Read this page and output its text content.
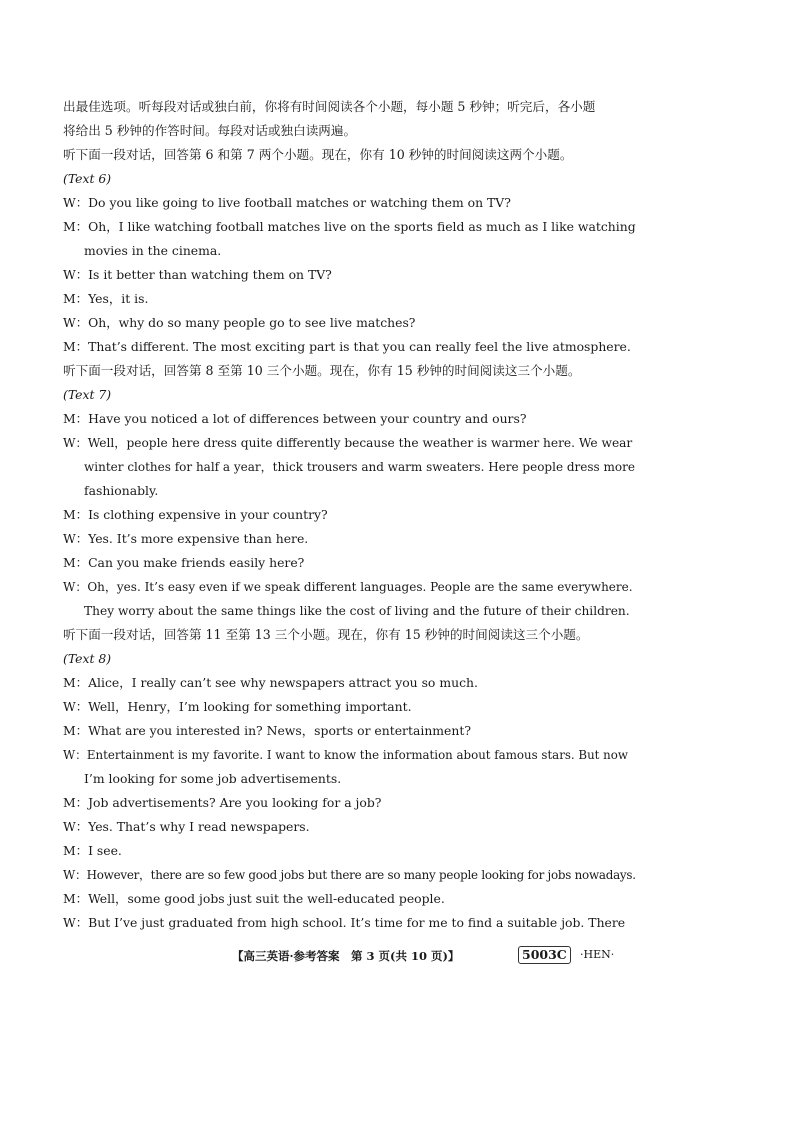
出最佳选项。听每段对话或独白前，你将有时间阅读各个小题，每小题 5 秒钟；听完后，各小题
将给出 5 秒钟的作答时间。每段对话或独白读两遍。
听下面一段对话，回答第 6 和第 7 两个小题。现在，你有 10 秒钟的时间阅读这两个小题。
(Text 6)
W：Do you like going to live football matches or watching them on TV?
M：Oh，I like watching football matches live on the sports field as much as I like watching
movies in the cinema.
W：Is it better than watching them on TV?
M：Yes，it is.
W：Oh，why do so many people go to see live matches?
M：That’s different. The most exciting part is that you can really feel the live atmosphere.
听下面一段对话，回答第 8 至第 10 三个小题。现在，你有 15 秒钟的时间阅读这三个小题。
(Text 7)
M：Have you noticed a lot of differences between your country and ours?
W：Well，people here dress quite differently because the weather is warmer here. We wear
winter clothes for half a year，thick trousers and warm sweaters. Here people dress more
fashionably.
M：Is clothing expensive in your country?
W：Yes. It’s more expensive than here.
M：Can you make friends easily here?
W：Oh，yes. It’s easy even if we speak different languages. People are the same everywhere.
They worry about the same things like the cost of living and the future of their children.
听下面一段对话，回答第 11 至第 13 三个小题。现在，你有 15 秒钟的时间阅读这三个小题。
(Text 8)
M：Alice，I really can’t see why newspapers attract you so much.
W：Well，Henry，I’m looking for something important.
M：What are you interested in? News，sports or entertainment?
W：Entertainment is my favorite. I want to know the information about famous stars. But now
I’m looking for some job advertisements.
M：Job advertisements? Are you looking for a job?
W：Yes. That’s why I read newspapers.
M：I see.
W：However，there are so few good jobs but there are so many people looking for jobs nowadays.
M：Well，some good jobs just suit the well-educated people.
W：But I’ve just graduated from high school. It’s time for me to find a suitable job. There
【高三英语·参考答案　第 3 页(共 10 页)】	5003C	·HEN·
